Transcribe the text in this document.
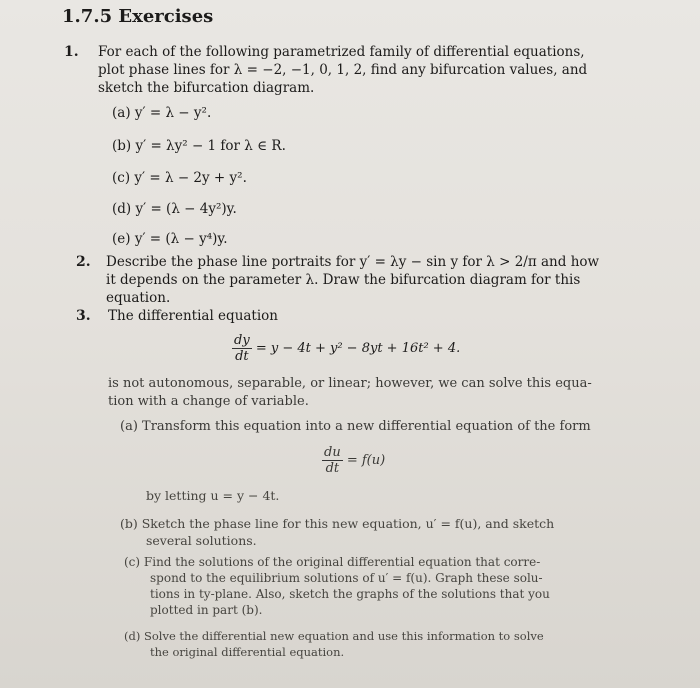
1.7.5 Exercises
1. For each of the following parametrized family of differential equations,
plot phase lines for λ = −2, −1, 0, 1, 2, find any bifurcation values, and
sketch the bifurcation diagram.
(a) y′ = λ − y².
(b) y′ = λy² − 1 for λ ∈ R.
(c) y′ = λ − 2y + y².
(d) y′ = (λ − 4y²)y.
(e) y′ = (λ − y⁴)y.
2. Describe the phase line portraits for y′ = λy − sin y for λ > 2/π and how
it depends on the parameter λ. Draw the bifurcation diagram for this
equation.
3. The differential equation
$\frac{dy}{dt} = y - 4t + y^2 - 8yt + 16t^2 + 4$.
is not autonomous, separable, or linear; however, we can solve this equa-
tion with a change of variable.
(a) Transform this equation into a new differential equation of the form
$\frac{du}{dt} = f(u)$
by letting u = y − 4t.
(b) Sketch the phase line for this new equation, u′ = f(u), and sketch
several solutions.
(c) Find the solutions of the original differential equation that corre-
spond to the equilibrium solutions of u′ = f(u). Graph these solu-
tions in ty-plane. Also, sketch the graphs of the solutions that you
plotted in part (b).
(d) Solve the differential new equation and use this information to solve
the original differential equation.
